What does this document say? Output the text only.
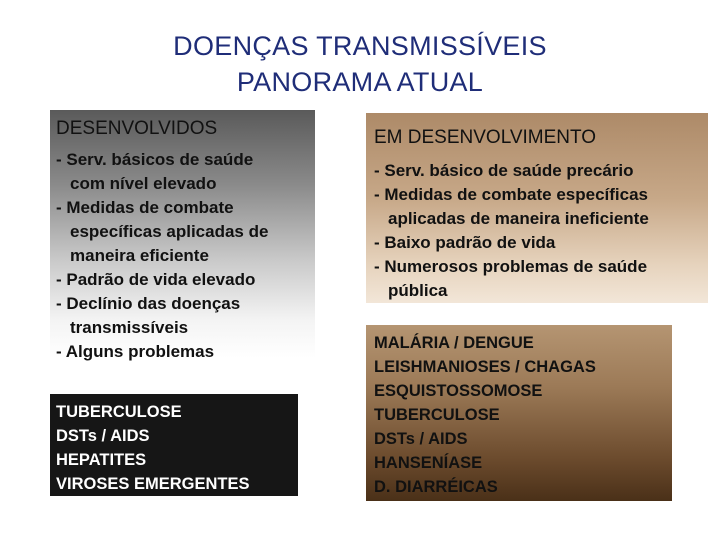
DOENÇAS TRANSMISSÍVEIS
PANORAMA ATUAL
DESENVOLVIDOS
- Serv. básicos de saúde
com nível elevado
- Medidas de combate
específicas aplicadas de maneira eficiente
- Padrão de vida elevado
- Declínio das doenças
transmissíveis
- Alguns problemas
TUBERCULOSE
DSTs / AIDS
HEPATITES
VIROSES EMERGENTES
EM DESENVOLVIMENTO
- Serv. básico de saúde precário
- Medidas de combate específicas
aplicadas de maneira ineficiente
- Baixo padrão de vida
- Numerosos problemas de saúde
pública
MALÁRIA / DENGUE
LEISHMANIOSES / CHAGAS
ESQUISTOSSOMOSE
TUBERCULOSE
DSTs / AIDS
HANSENÍASE
D. DIARRÉICAS
